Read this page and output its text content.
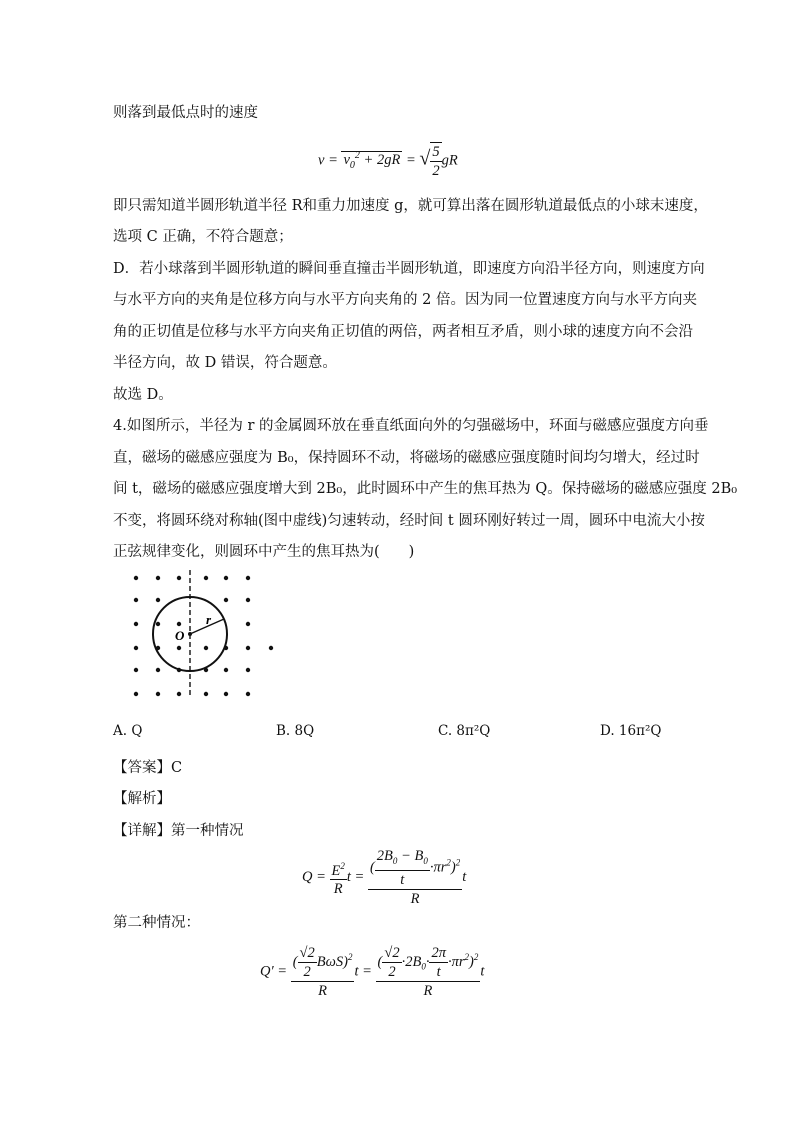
则落到最低点时的速度
$v = v_0^2 + 2gR$ = √ $\frac{5}{2}$ gR
即只需知道半圆形轨道半径 R和重力加速度 g，就可算出落在圆形轨道最低点的小球末速度，
选项 C 正确，不符合题意；
D．若小球落到半圆形轨道的瞬间垂直撞击半圆形轨道，即速度方向沿半径方向，则速度方向
与水平方向的夹角是位移方向与水平方向夹角的 2 倍。因为同一位置速度方向与水平方向夹
角的正切值是位移与水平方向夹角正切值的两倍，两者相互矛盾，则小球的速度方向不会沿
半径方向，故 D 错误，符合题意。
故选 D。
4.如图所示，半径为 r 的金属圆环放在垂直纸面向外的匀强磁场中，环面与磁感应强度方向垂
直，磁场的磁感应强度为 B₀，保持圆环不动，将磁场的磁感应强度随时间均匀增大，经过时
间 t，磁场的磁感应强度增大到 2B₀，此时圆环中产生的焦耳热为 Q。保持磁场的磁感应强度 2B₀
不变，将圆环绕对称轴(图中虚线)匀速转动，经时间 t 圆环刚好转过一周，圆环中电流大小按
正弦规律变化，则圆环中产生的焦耳热为(　　)
O
r
A. Q	B. 8Q	C. 8π²Q	D. 16π²Q
【答案】C
【解析】
【详解】第一种情况
$Q = \frac{E^2}{R}$ $t = \frac{( \frac{2B_0 - B_0}{t} \cdot\pi r^2)^2}{R}$ t
第二种情况：
$Q' = \frac{( \frac{√2}{2} B\omega S)^2}{R}$ $t = \frac{( \frac{√2}{2} \cdot 2B_0\cdot \frac{2\pi}{t} \cdot\pi r^2)^2}{R}$ t
